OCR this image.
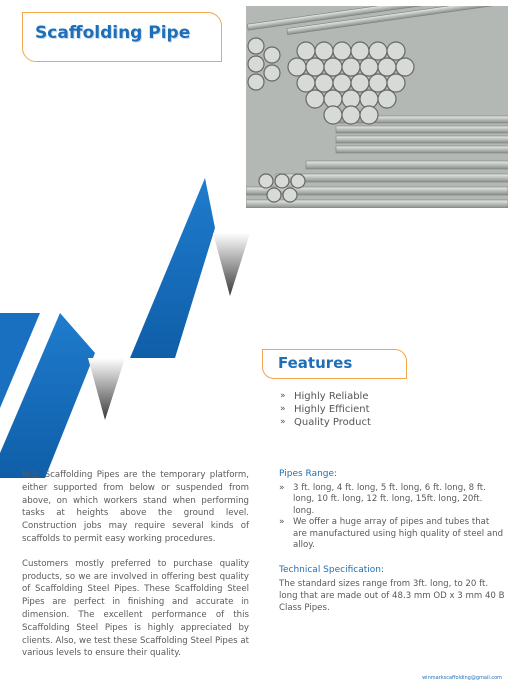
Scaffolding Pipe
Features
» Highly Reliable
» Highly Efficient
» Quality Product

M.S. Scaffolding Pipes are the temporary platform, either supported from below or suspended from above, on which workers stand when performing tasks at heights above the ground level. Construction jobs may require several kinds of scaffolds to permit easy working procedures.

Customers mostly preferred to purchase quality products, so we are involved in offering best quality of Scaffolding Steel Pipes. These Scaffolding Steel Pipes are perfect in finishing and accurate in dimension. The excellent performance of this Scaffolding Steel Pipes is highly appreciated by clients. Also, we test these Scaffolding Steel Pipes at various levels to ensure their quality.

Pipes Range:
» 3 ft. long, 4 ft. long, 5 ft. long, 6 ft. long, 8 ft. long, 10 ft. long, 12 ft. long, 15ft. long, 20ft. long.
» We offer a huge array of pipes and tubes that are manufactured using high quality of steel and alloy.
Technical Specification:
The standard sizes range from 3ft. long, to 20 ft. long that are made out of 48.3 mm OD x 3 mm 40 B Class Pipes.
winmarkscaffolding@gmail.com
